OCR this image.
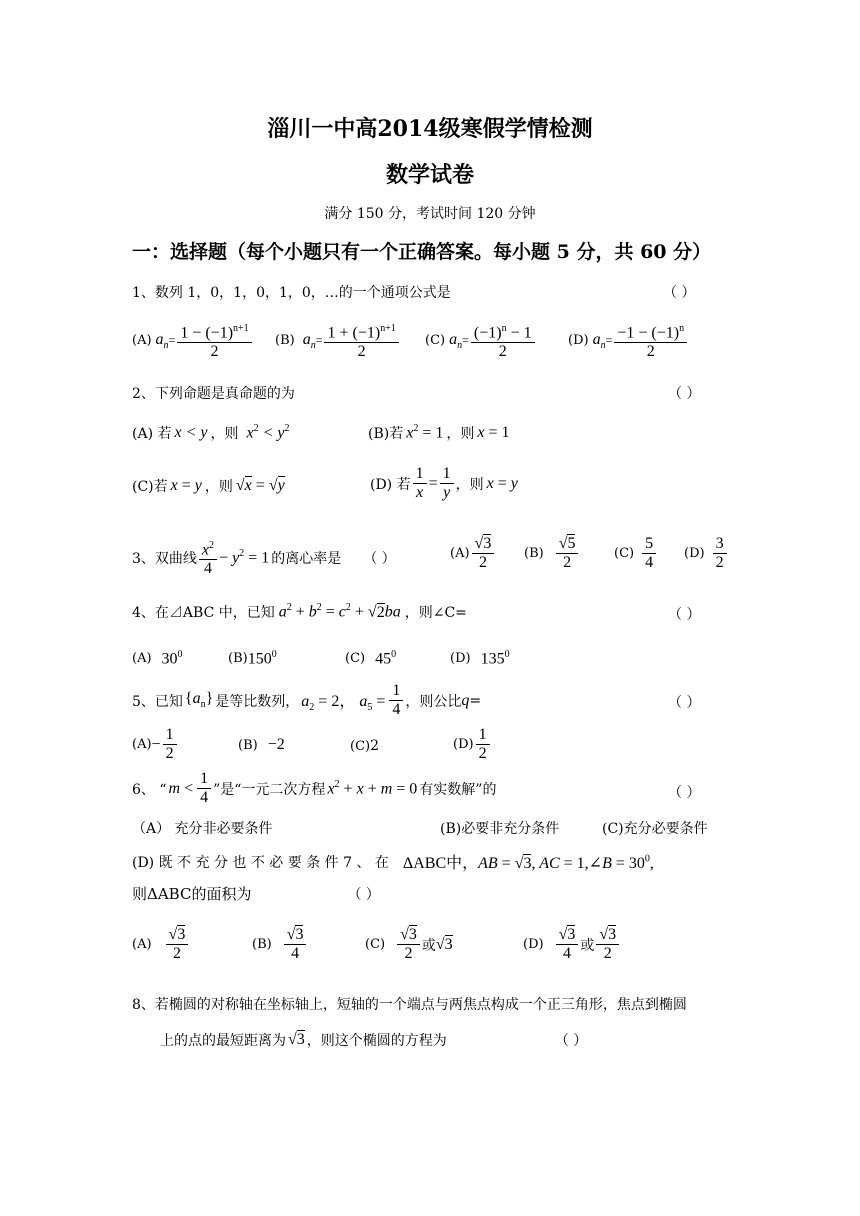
淄川一中高2014级寒假学情检测
数学试卷
满分 150 分，考试时间 120 分钟
一：选择题（每个小题只有一个正确答案。每小题 5 分，共 60 分）
1、数列 1，0，1，0，1，0，…的一个通项公式是	（ ）
(A) $a_n = \frac{1 - (-1)^{n+1}}{2} (B) a_n = \frac{1 + (-1)^{n+1}}{2} (C) a_n = \frac{(-1)^n - 1}{2}$	(D) $a_n = \frac{-1 - (-1)^n}{2}$
2、下列命题是真命题的为	（ ）
(A) 若 x < y ，则 $x^2 < y^2$	(B)若 $x^2 = 1$ ，则 x = 1
(C)若 x = y ，则 √x = √y	(D) 若 $\frac{1}{x} = \frac{1}{y}$ ，则 x = y
3、双曲线 $\frac{x^2}{4} - y^2 = 1$ 的离心率是 （ ）	$(A) \frac{√3}{2} (B) \frac{√5}{2}$	$(C) \frac{5}{4} (D) \frac{3}{2}$
4、在⊿ABC 中，已知 $a^2 + b^2 = c^2 + √2ba$ ，则∠C=	（ ）
(A) $30^0$	(B) $150^0$	(C) $45^0$	(D) $135^0$
5、已知 $\{a_n\}$ 是等比数列， $a_2 = 2$， $a_5 = \frac{1}{4}$ ，则公比 q =	（ ）
$(A) - \frac{1}{2}$	(B) −2	(C) 2	$(D) \frac{1}{2}$
6、 “ $m < \frac{1}{4}$ ”是“一元二次方程 $x^2 + x + m = 0$ 有实数解”的	（ ）
（A） 充分非必要条件	(B)必要非充分条件	(C)充分必要条件
(D) 既 不 充 分 也 不 必 要 条 件 7 、 在 ΔABC中，AB = √3, AC = 1,∠B = $30^0$,
则ΔABC的面积为	（ ）
$(A) \frac{√3}{2}$	$(B) \frac{√3}{4}$	$(C) \frac{√3}{2}$ 或 √3	$(D) \frac{√3}{4}$ 或 $\frac{√3}{2}$
8、若椭圆的对称轴在坐标轴上，短轴的一个端点与两焦点构成一个正三角形，焦点到椭圆
上的点的最短距离为 √3 ，则这个椭圆的方程为	（ ）
